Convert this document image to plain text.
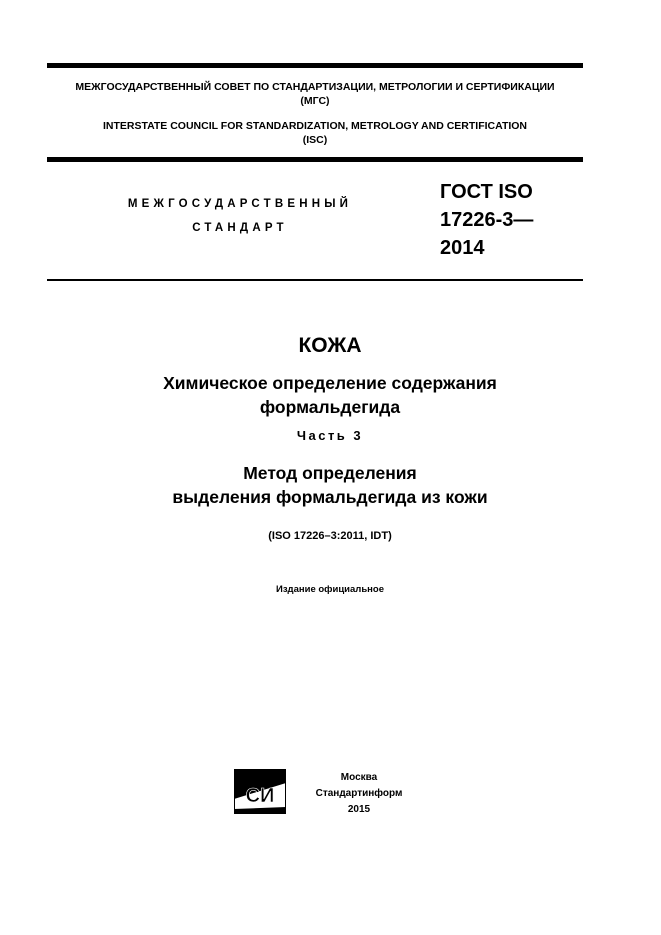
МЕЖГОСУДАРСТВЕННЫЙ СОВЕТ ПО СТАНДАРТИЗАЦИИ, МЕТРОЛОГИИ И СЕРТИФИКАЦИИ
(МГС)
INTERSTATE COUNCIL FOR STANDARDIZATION, METROLOGY AND CERTIFICATION
(ISC)
МЕЖГОСУДАРСТВЕННЫЙ
СТАНДАРТ
ГОСТ ISO
17226-3—
2014
КОЖА
Химическое определение содержания
формальдегида
Часть 3
Метод определения
выделения формальдегида из кожи
(ISO 17226–3:2011, IDT)
Издание официальное
СИ
Москва
Стандартинформ
2015
